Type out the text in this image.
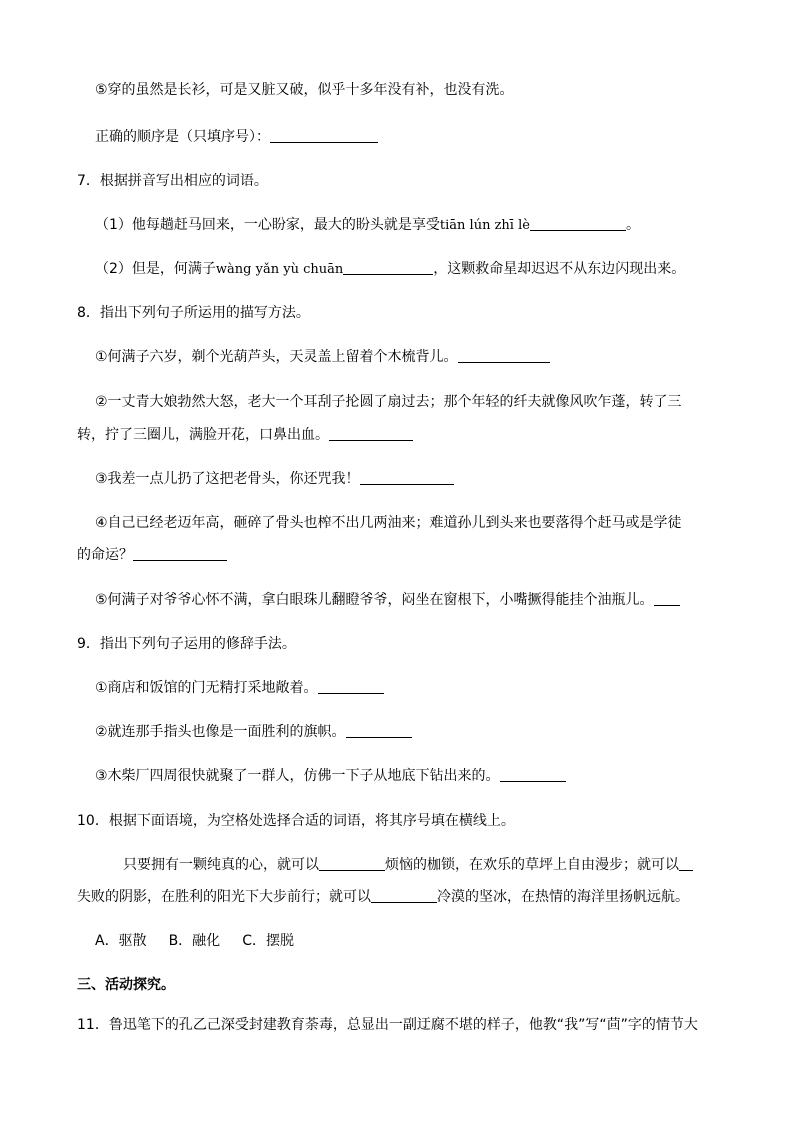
⑤穿的虽然是长衫，可是又脏又破，似乎十多年没有补，也没有洗。
正确的顺序是（只填序号）：
7．根据拼音写出相应的词语。
（1）他每趟赶马回来，一心盼家，最大的盼头就是享受tiān lún zhī lè	。
（2）但是，何满子wàng yǎn yù chuān	，这颗救命星却迟迟不从东边闪现出来。
8．指出下列句子所运用的描写方法。
①何满子六岁，剃个光葫芦头，天灵盖上留着个木梳背儿。
②一丈青大娘勃然大怒，老大一个耳刮子抡圆了扇过去；那个年轻的纤夫就像风吹乍蓬，转了三
转，拧了三圈儿，满脸开花，口鼻出血。
③我差一点儿扔了这把老骨头，你还咒我！
④自己已经老迈年高，砸碎了骨头也榨不出几两油来；难道孙儿到头来也要落得个赶马或是学徒
的命运？
⑤何满子对爷爷心怀不满，拿白眼珠儿翻瞪爷爷，闷坐在窗根下，小嘴撅得能挂个油瓶儿。
9．指出下列句子运用的修辞手法。
①商店和饭馆的门无精打采地敞着。
②就连那手指头也像是一面胜利的旗帜。
③木柴厂四周很快就聚了一群人，仿佛一下子从地底下钻出来的。
10．根据下面语境，为空格处选择合适的词语，将其序号填在横线上。
只要拥有一颗纯真的心，就可以	烦恼的枷锁，在欢乐的草坪上自由漫步；就可以
失败的阴影，在胜利的阳光下大步前行；就可以	冷漠的坚冰，在热情的海洋里扬帆远航。
A．驱散 B．融化 C．摆脱
三、活动探究。
11．鲁迅笔下的孔乙己深受封建教育荼毒，总显出一副迂腐不堪的样子，他教“我”写“茴”字的情节大
